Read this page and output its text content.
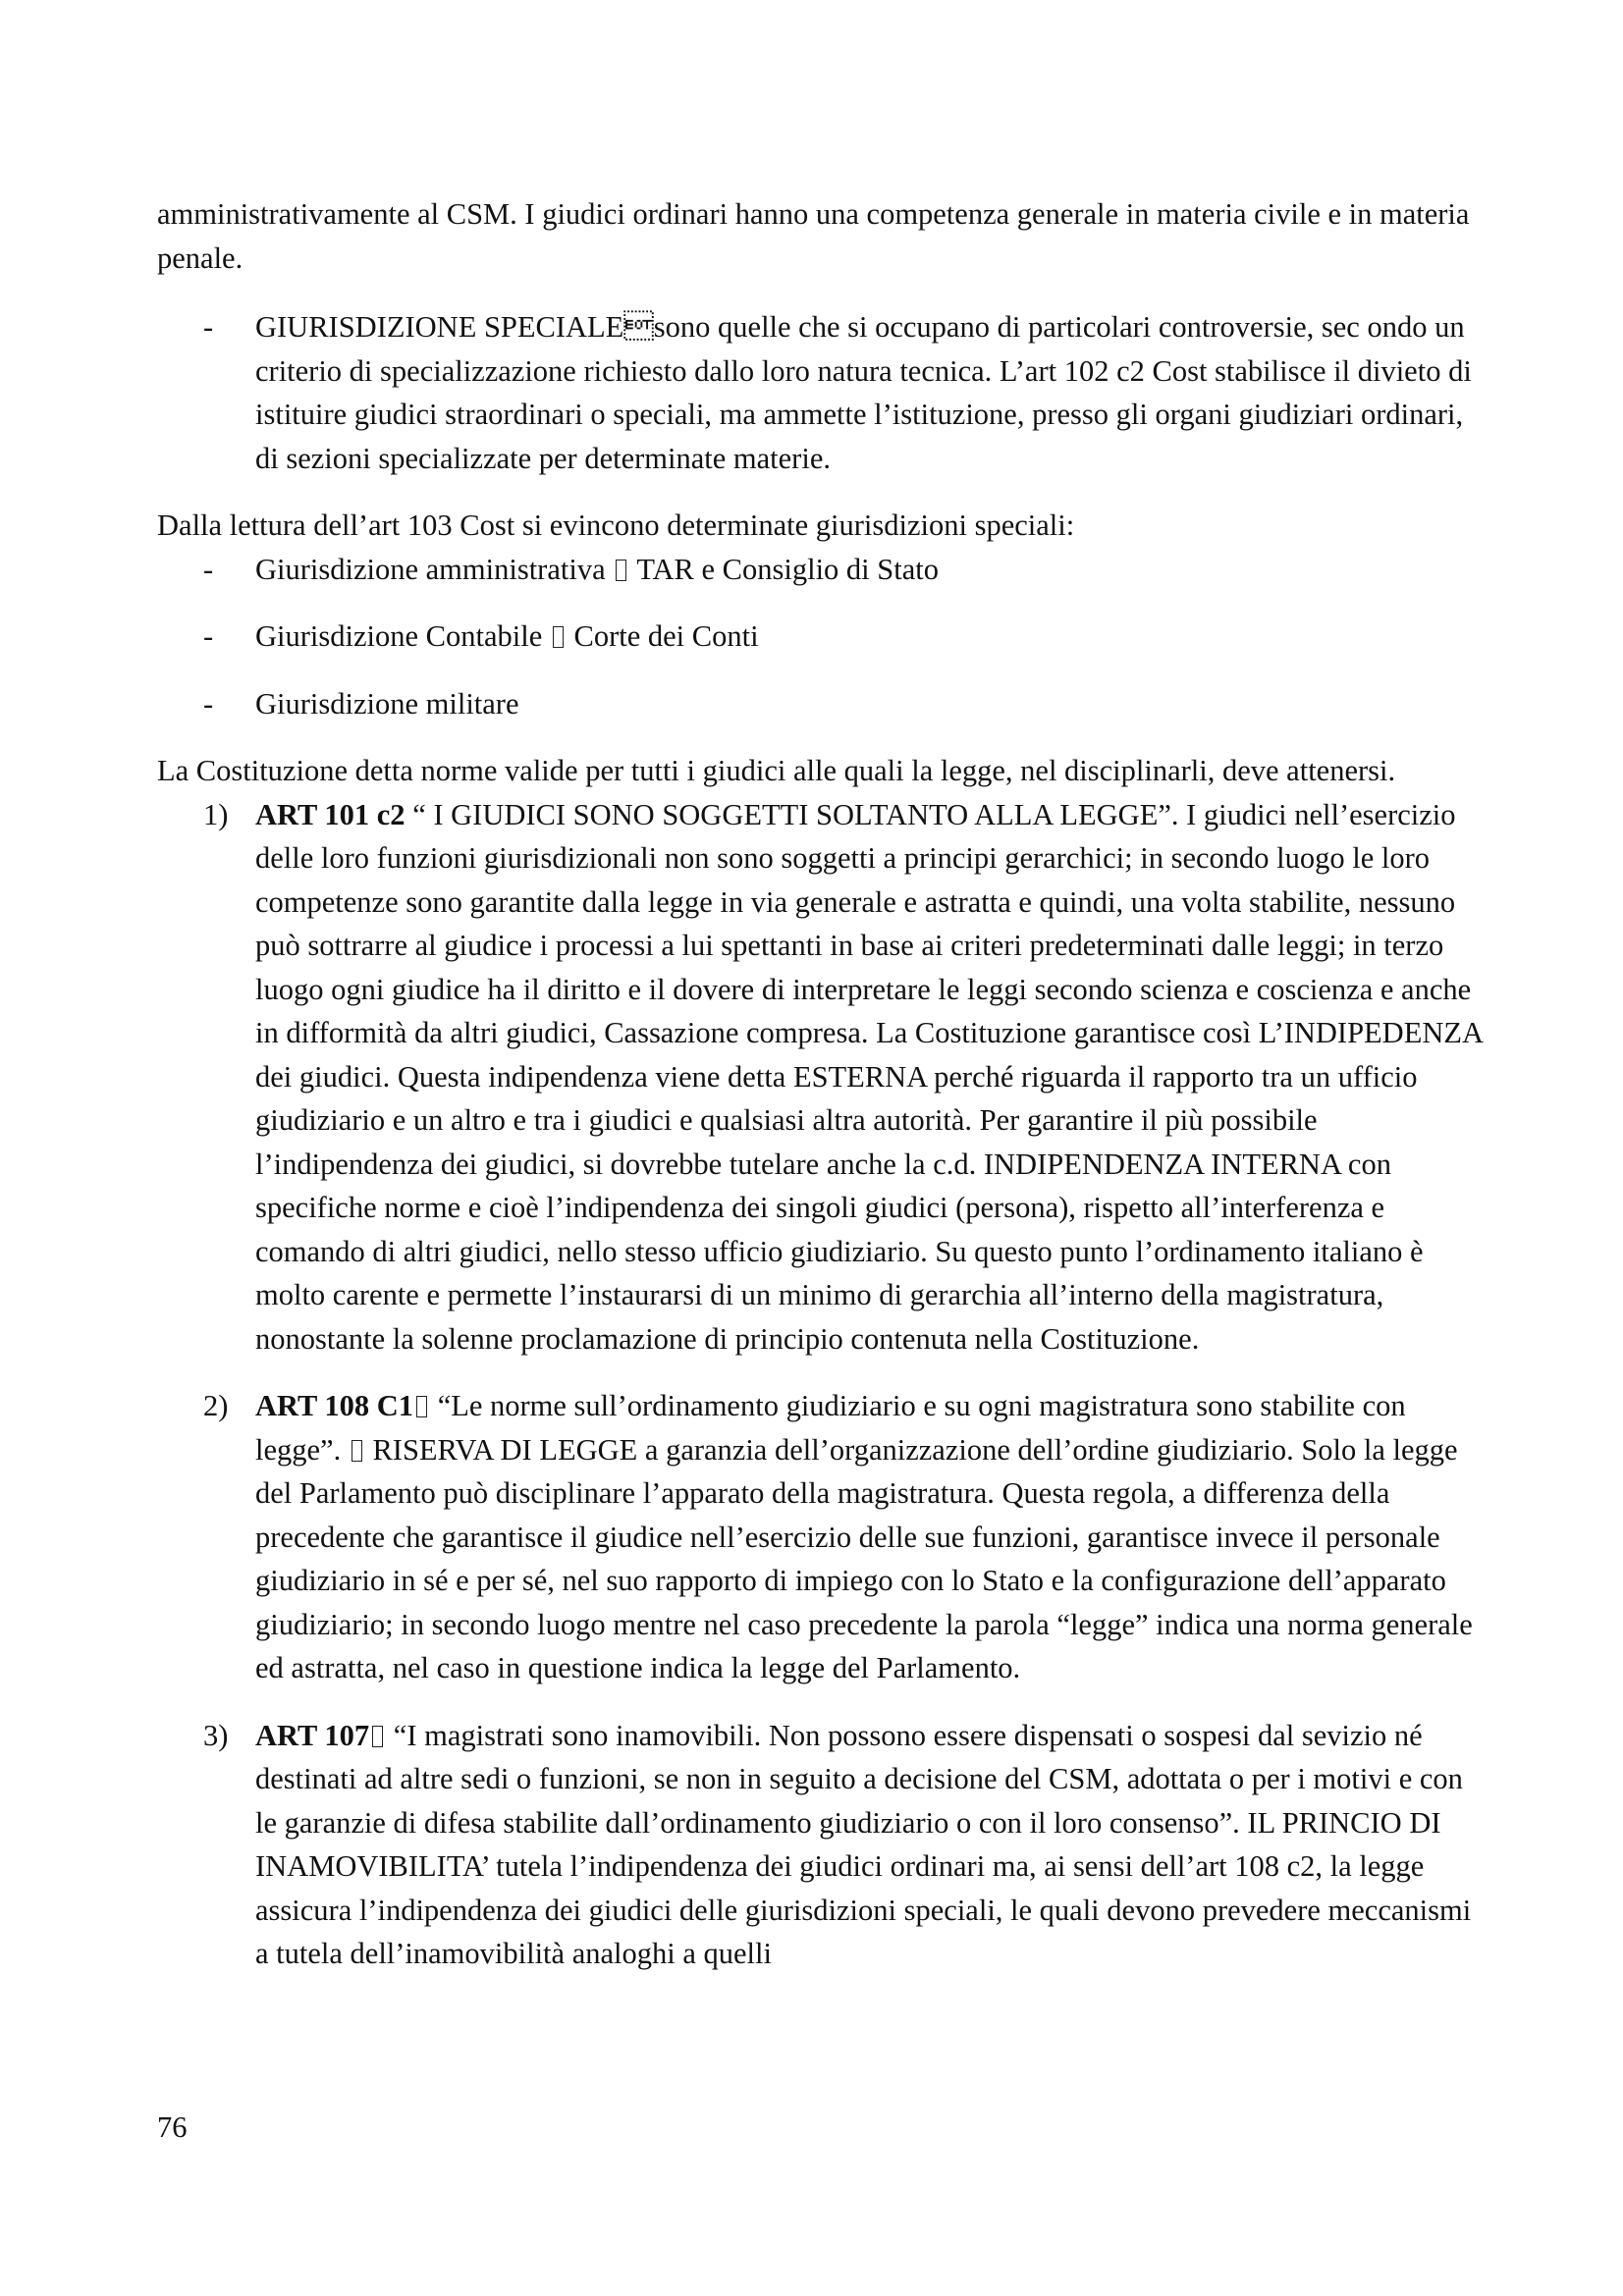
amministrativamente al CSM. I giudici ordinari hanno una competenza generale in materia civile e in materia penale.

- GIURISDIZIONE SPECIALEsono quelle che si occupano di particolari controversie, sec ondo un criterio di specializzazione richiesto dallo loro natura tecnica. L’art 102 c2 Cost stabilisce il divieto di istituire giudici straordinari o speciali, ma ammette l’istituzione, presso gli organi giudiziari ordinari, di sezioni specializzate per determinate materie.

Dalla lettura dell’art 103 Cost si evincono determinate giurisdizioni speciali:

- Giurisdizione amministrativa TAR e Consiglio di Stato
- Giurisdizione Contabile Corte dei Conti
- Giurisdizione militare

La Costituzione detta norme valide per tutti i giudici alle quali la legge, nel disciplinarli, deve attenersi.

1) ART 101 c2 “ I GIUDICI SONO SOGGETTI SOLTANTO ALLA LEGGE”. I giudici nell’esercizio delle loro funzioni giurisdizionali non sono soggetti a principi gerarchici; in secondo luogo le loro competenze sono garantite dalla legge in via generale e astratta e quindi, una volta stabilite, nessuno può sottrarre al giudice i processi a lui spettanti in base ai criteri predeterminati dalle leggi; in terzo luogo ogni giudice ha il diritto e il dovere di interpretare le leggi secondo scienza e coscienza e anche in difformità da altri giudici, Cassazione compresa. La Costituzione garantisce così L’INDIPEDENZA dei giudici. Questa indipendenza viene detta ESTERNA perché riguarda il rapporto tra un ufficio giudiziario e un altro e tra i giudici e qualsiasi altra autorità. Per garantire il più possibile l’indipendenza dei giudici, si dovrebbe tutelare anche la c.d. INDIPENDENZA INTERNA con specifiche norme e cioè l’indipendenza dei singoli giudici (persona), rispetto all’interferenza e comando di altri giudici, nello stesso ufficio giudiziario. Su questo punto l’ordinamento italiano è molto carente e permette l’instaurarsi di un minimo di gerarchia all’interno della magistratura, nonostante la solenne proclamazione di principio contenuta nella Costituzione.
2) ART 108 C1 “Le norme sull’ordinamento giudiziario e su ogni magistratura sono stabilite con legge”.  RISERVA DI LEGGE a garanzia dell’organizzazione dell’ordine giudiziario. Solo la legge del Parlamento può disciplinare l’apparato della magistratura. Questa regola, a differenza della precedente che garantisce il giudice nell’esercizio delle sue funzioni, garantisce invece il personale giudiziario in sé e per sé, nel suo rapporto di impiego con lo Stato e la configurazione dell’apparato giudiziario; in secondo luogo mentre nel caso precedente la parola “legge” indica una norma generale ed astratta, nel caso in questione indica la legge del Parlamento.
3) ART 107 “I magistrati sono inamovibili. Non possono essere dispensati o sospesi dal sevizio né destinati ad altre sedi o funzioni, se non in seguito a decisione del CSM, adottata o per i motivi e con le garanzie di difesa stabilite dall’ordinamento giudiziario o con il loro consenso”. IL PRINCIO DI INAMOVIBILITA’ tutela l’indipendenza dei giudici ordinari ma, ai sensi dell’art 108 c2, la legge assicura l’indipendenza dei giudici delle giurisdizioni speciali, le quali devono prevedere meccanismi a tutela dell’inamovibilità analoghi a quelli
76
